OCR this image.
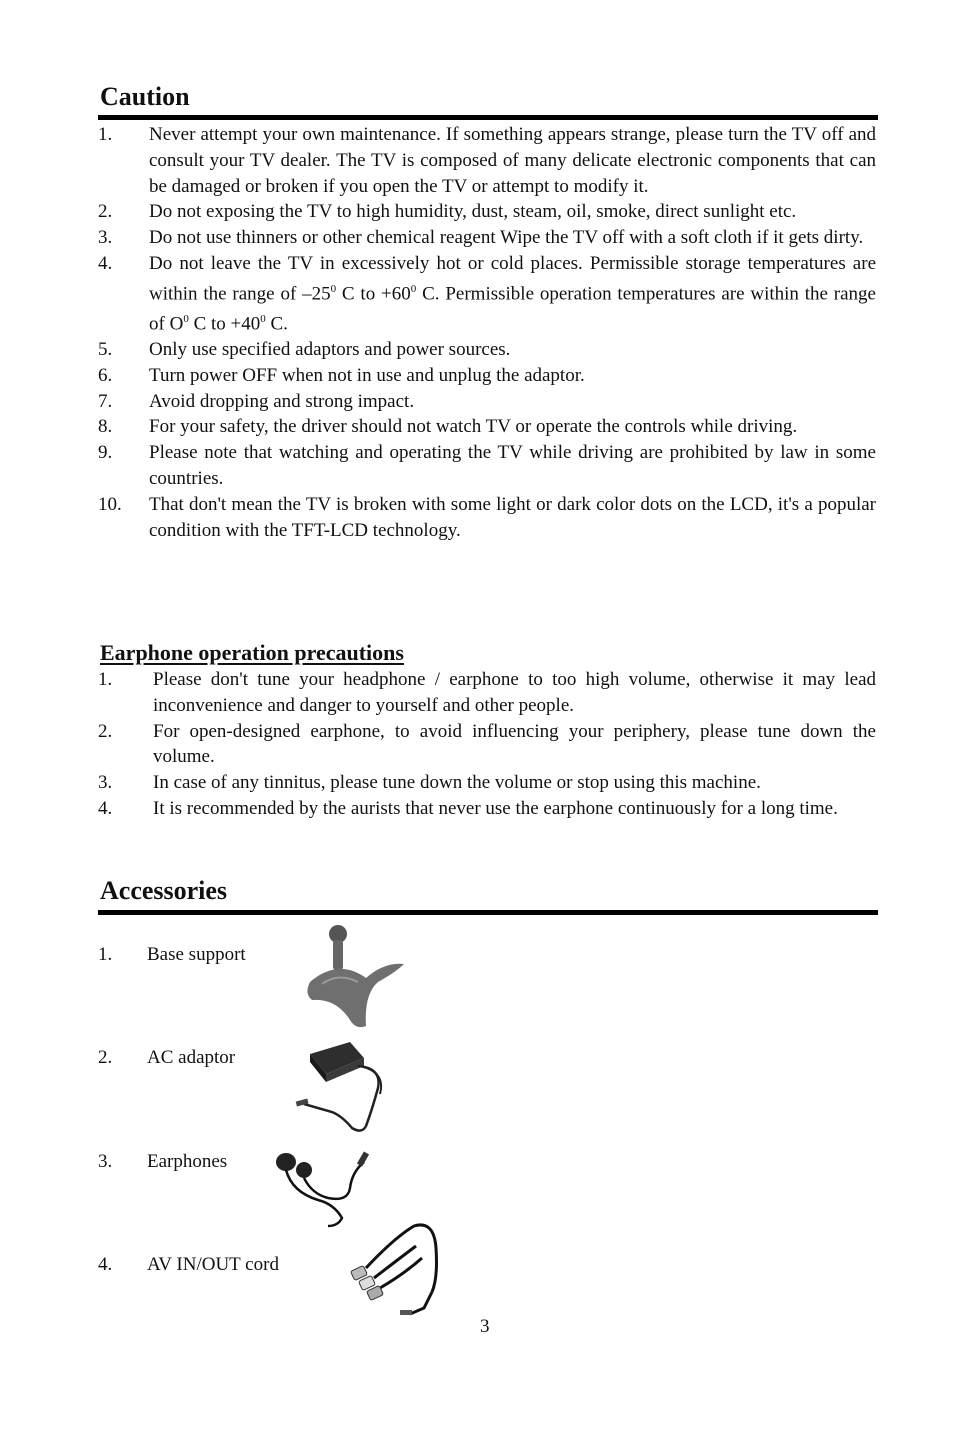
Caution
1. Never attempt your own maintenance. If something appears strange, please turn the TV off and consult your TV dealer. The TV is composed of many delicate electronic components that can be damaged or broken if you open the TV or attempt to modify it.
2. Do not exposing the TV to high humidity, dust, steam, oil, smoke, direct sunlight etc.
3. Do not use thinners or other chemical reagent Wipe the TV off with a soft cloth if it gets dirty.
4. Do not leave the TV in excessively hot or cold places. Permissible storage temperatures are within the range of $-25^0$ C to $+60^0$ C. Permissible operation temperatures are within the range of $O^0$ C to $+40^0$ C.
5. Only use specified adaptors and power sources.
6. Turn power OFF when not in use and unplug the adaptor.
7. Avoid dropping and strong impact.
8. For your safety, the driver should not watch TV or operate the controls while driving.
9. Please note that watching and operating the TV while driving are prohibited by law in some countries.
10. That don't mean the TV is broken with some light or dark color dots on the LCD, it's a popular condition with the TFT-LCD technology.
Earphone operation precautions
1. Please don't tune your headphone / earphone to too high volume, otherwise it may lead inconvenience and danger to yourself and other people.
2. For open-designed earphone, to avoid influencing your periphery, please tune down the volume.
3. In case of any tinnitus, please tune down the volume or stop using this machine.
4. It is recommended by the aurists that never use the earphone continuously for a long time.
Accessories
1. Base support
2. AC adaptor
3. Earphones
4. AV IN/OUT cord
3
